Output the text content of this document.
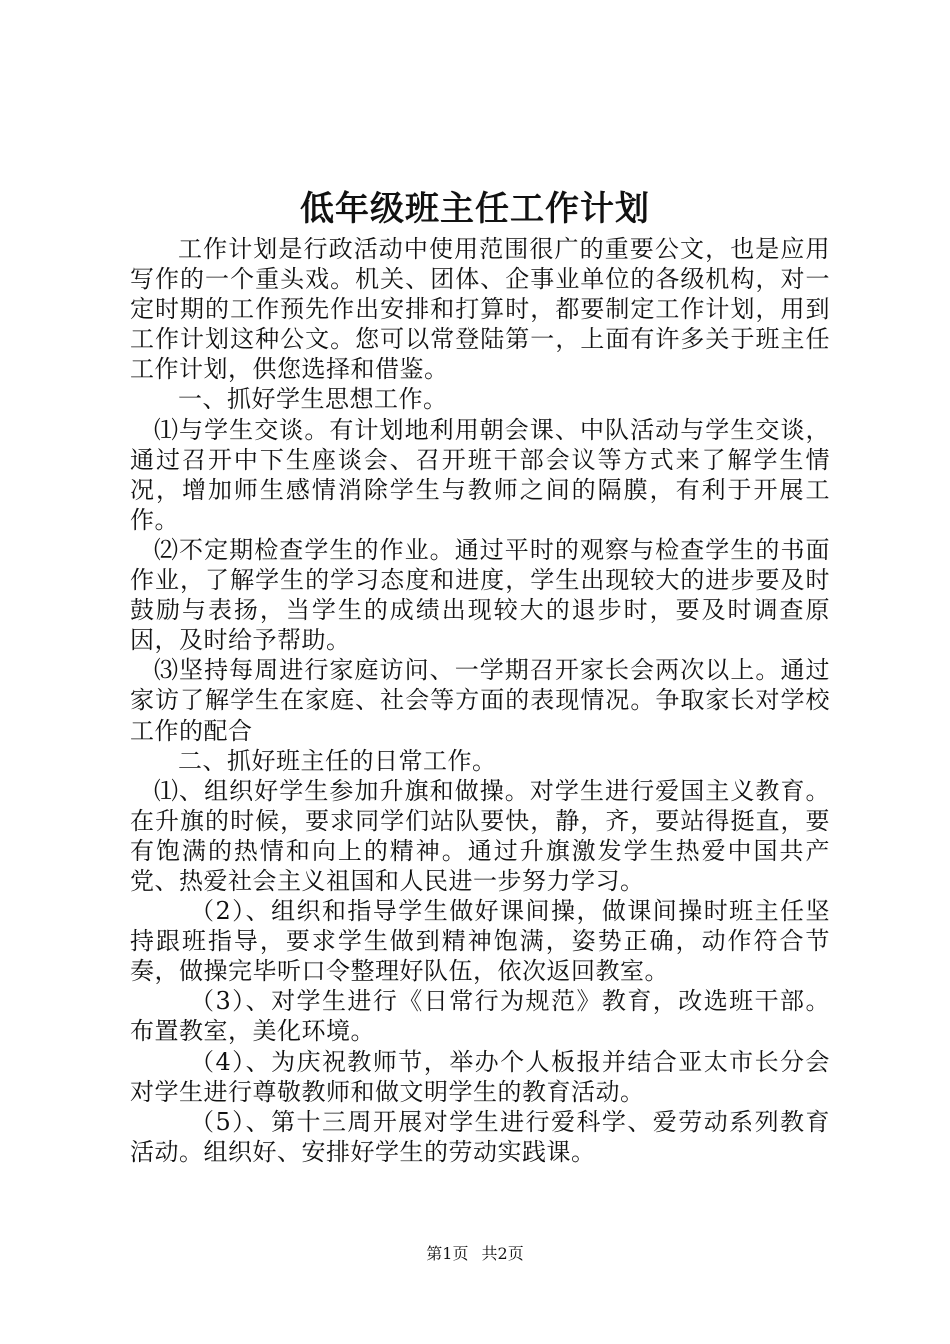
低年级班主任工作计划

工作计划是行政活动中使用范围很广的重要公文，也是应用写作的一个重头戏。机关、团体、企事业单位的各级机构，对一定时期的工作预先作出安排和打算时，都要制定工作计划，用到工作计划这种公文。您可以常登陆第一，上面有许多关于班主任工作计划，供您选择和借鉴。

一、抓好学生思想工作。

⑴与学生交谈。有计划地利用朝会课、中队活动与学生交谈，通过召开中下生座谈会、召开班干部会议等方式来了解学生情况，增加师生感情消除学生与教师之间的隔膜，有利于开展工作。

⑵不定期检查学生的作业。通过平时的观察与检查学生的书面作业，了解学生的学习态度和进度，学生出现较大的进步要及时鼓励与表扬，当学生的成绩出现较大的退步时，要及时调查原因，及时给予帮助。

⑶坚持每周进行家庭访问、一学期召开家长会两次以上。通过家访了解学生在家庭、社会等方面的表现情况。争取家长对学校工作的配合

二、抓好班主任的日常工作。

⑴、组织好学生参加升旗和做操。对学生进行爱国主义教育。在升旗的时候，要求同学们站队要快，静，齐，要站得挺直，要有饱满的热情和向上的精神。通过升旗激发学生热爱中国共产党、热爱社会主义祖国和人民进一步努力学习。

（2）、组织和指导学生做好课间操，做课间操时班主任坚持跟班指导，要求学生做到精神饱满，姿势正确，动作符合节奏，做操完毕听口令整理好队伍，依次返回教室。

（3）、对学生进行《日常行为规范》教育，改选班干部。布置教室，美化环境。

（4）、为庆祝教师节，举办个人板报并结合亚太市长分会对学生进行尊敬教师和做文明学生的教育活动。

（5）、第十三周开展对学生进行爱科学、爱劳动系列教育活动。组织好、安排好学生的劳动实践课。

第1页 共2页
